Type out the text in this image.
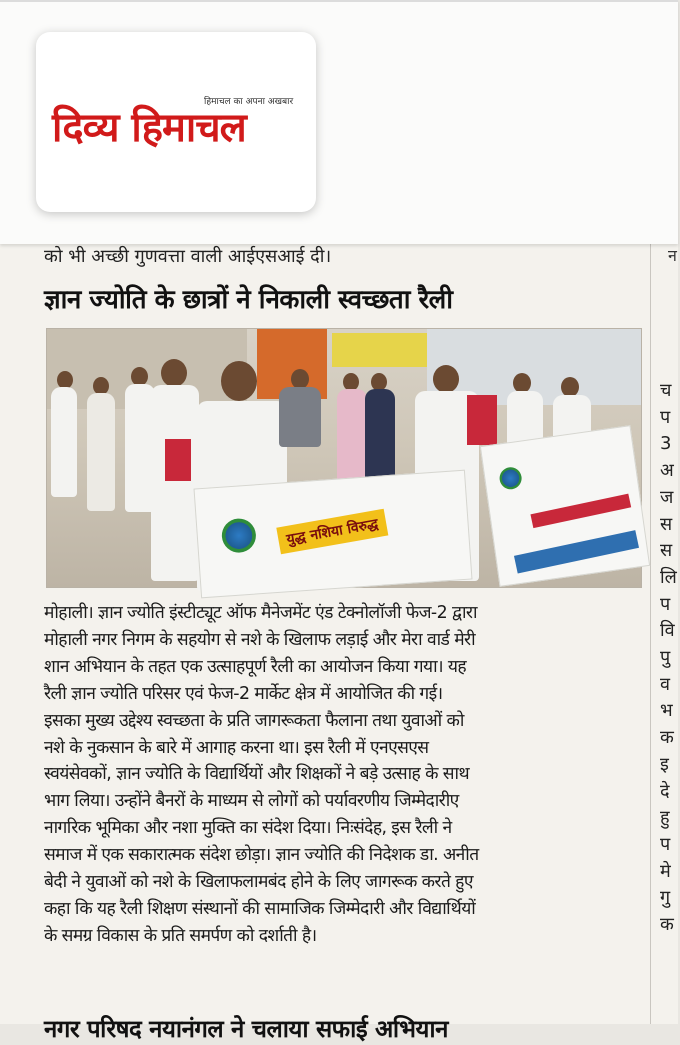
हिमाचल का अपना अखबार
दिव्य हिमाचल
न
च
प
3
अ
ज
स
स
लि
प
वि
पु
व
भ
क
इ
दे
हु
प
मे
गु
क
को भी अच्छी गुणवत्ता वाली आईएसआई दी।
ज्ञान ज्योति के छात्रों ने निकाली स्वच्छता रैली
युद्ध नशिया विरुद्ध
मोहाली। ज्ञान ज्योति इंस्टीट्यूट ऑफ मैनेजमेंट एंड टेक्नोलॉजी फेज-2 द्वारा
मोहाली नगर निगम के सहयोग से नशे के खिलाफ लड़ाई और मेरा वार्ड मेरी
शान अभियान के तहत एक उत्साहपूर्ण रैली का आयोजन किया गया। यह
रैली ज्ञान ज्योति परिसर एवं फेज-2 मार्केट क्षेत्र में आयोजित की गई।
इसका मुख्य उद्देश्य स्वच्छता के प्रति जागरूकता फैलाना तथा युवाओं को
नशे के नुकसान के बारे में आगाह करना था। इस रैली में एनएसएस
स्वयंसेवकों, ज्ञान ज्योति के विद्यार्थियों और शिक्षकों ने बड़े उत्साह के साथ
भाग लिया। उन्होंने बैनरों के माध्यम से लोगों को पर्यावरणीय जिम्मेदारीए
नागरिक भूमिका और नशा मुक्ति का संदेश दिया। निःसंदेह, इस रैली ने
समाज में एक सकारात्मक संदेश छोड़ा। ज्ञान ज्योति की निदेशक डा. अनीत
बेदी ने युवाओं को नशे के खिलाफलामबंद होने के लिए जागरूक करते हुए
कहा कि यह रैली शिक्षण संस्थानों की सामाजिक जिम्मेदारी और विद्यार्थियों
के समग्र विकास के प्रति समर्पण को दर्शाती है।
नगर परिषद नयानंगल ने चलाया सफाई अभियान
